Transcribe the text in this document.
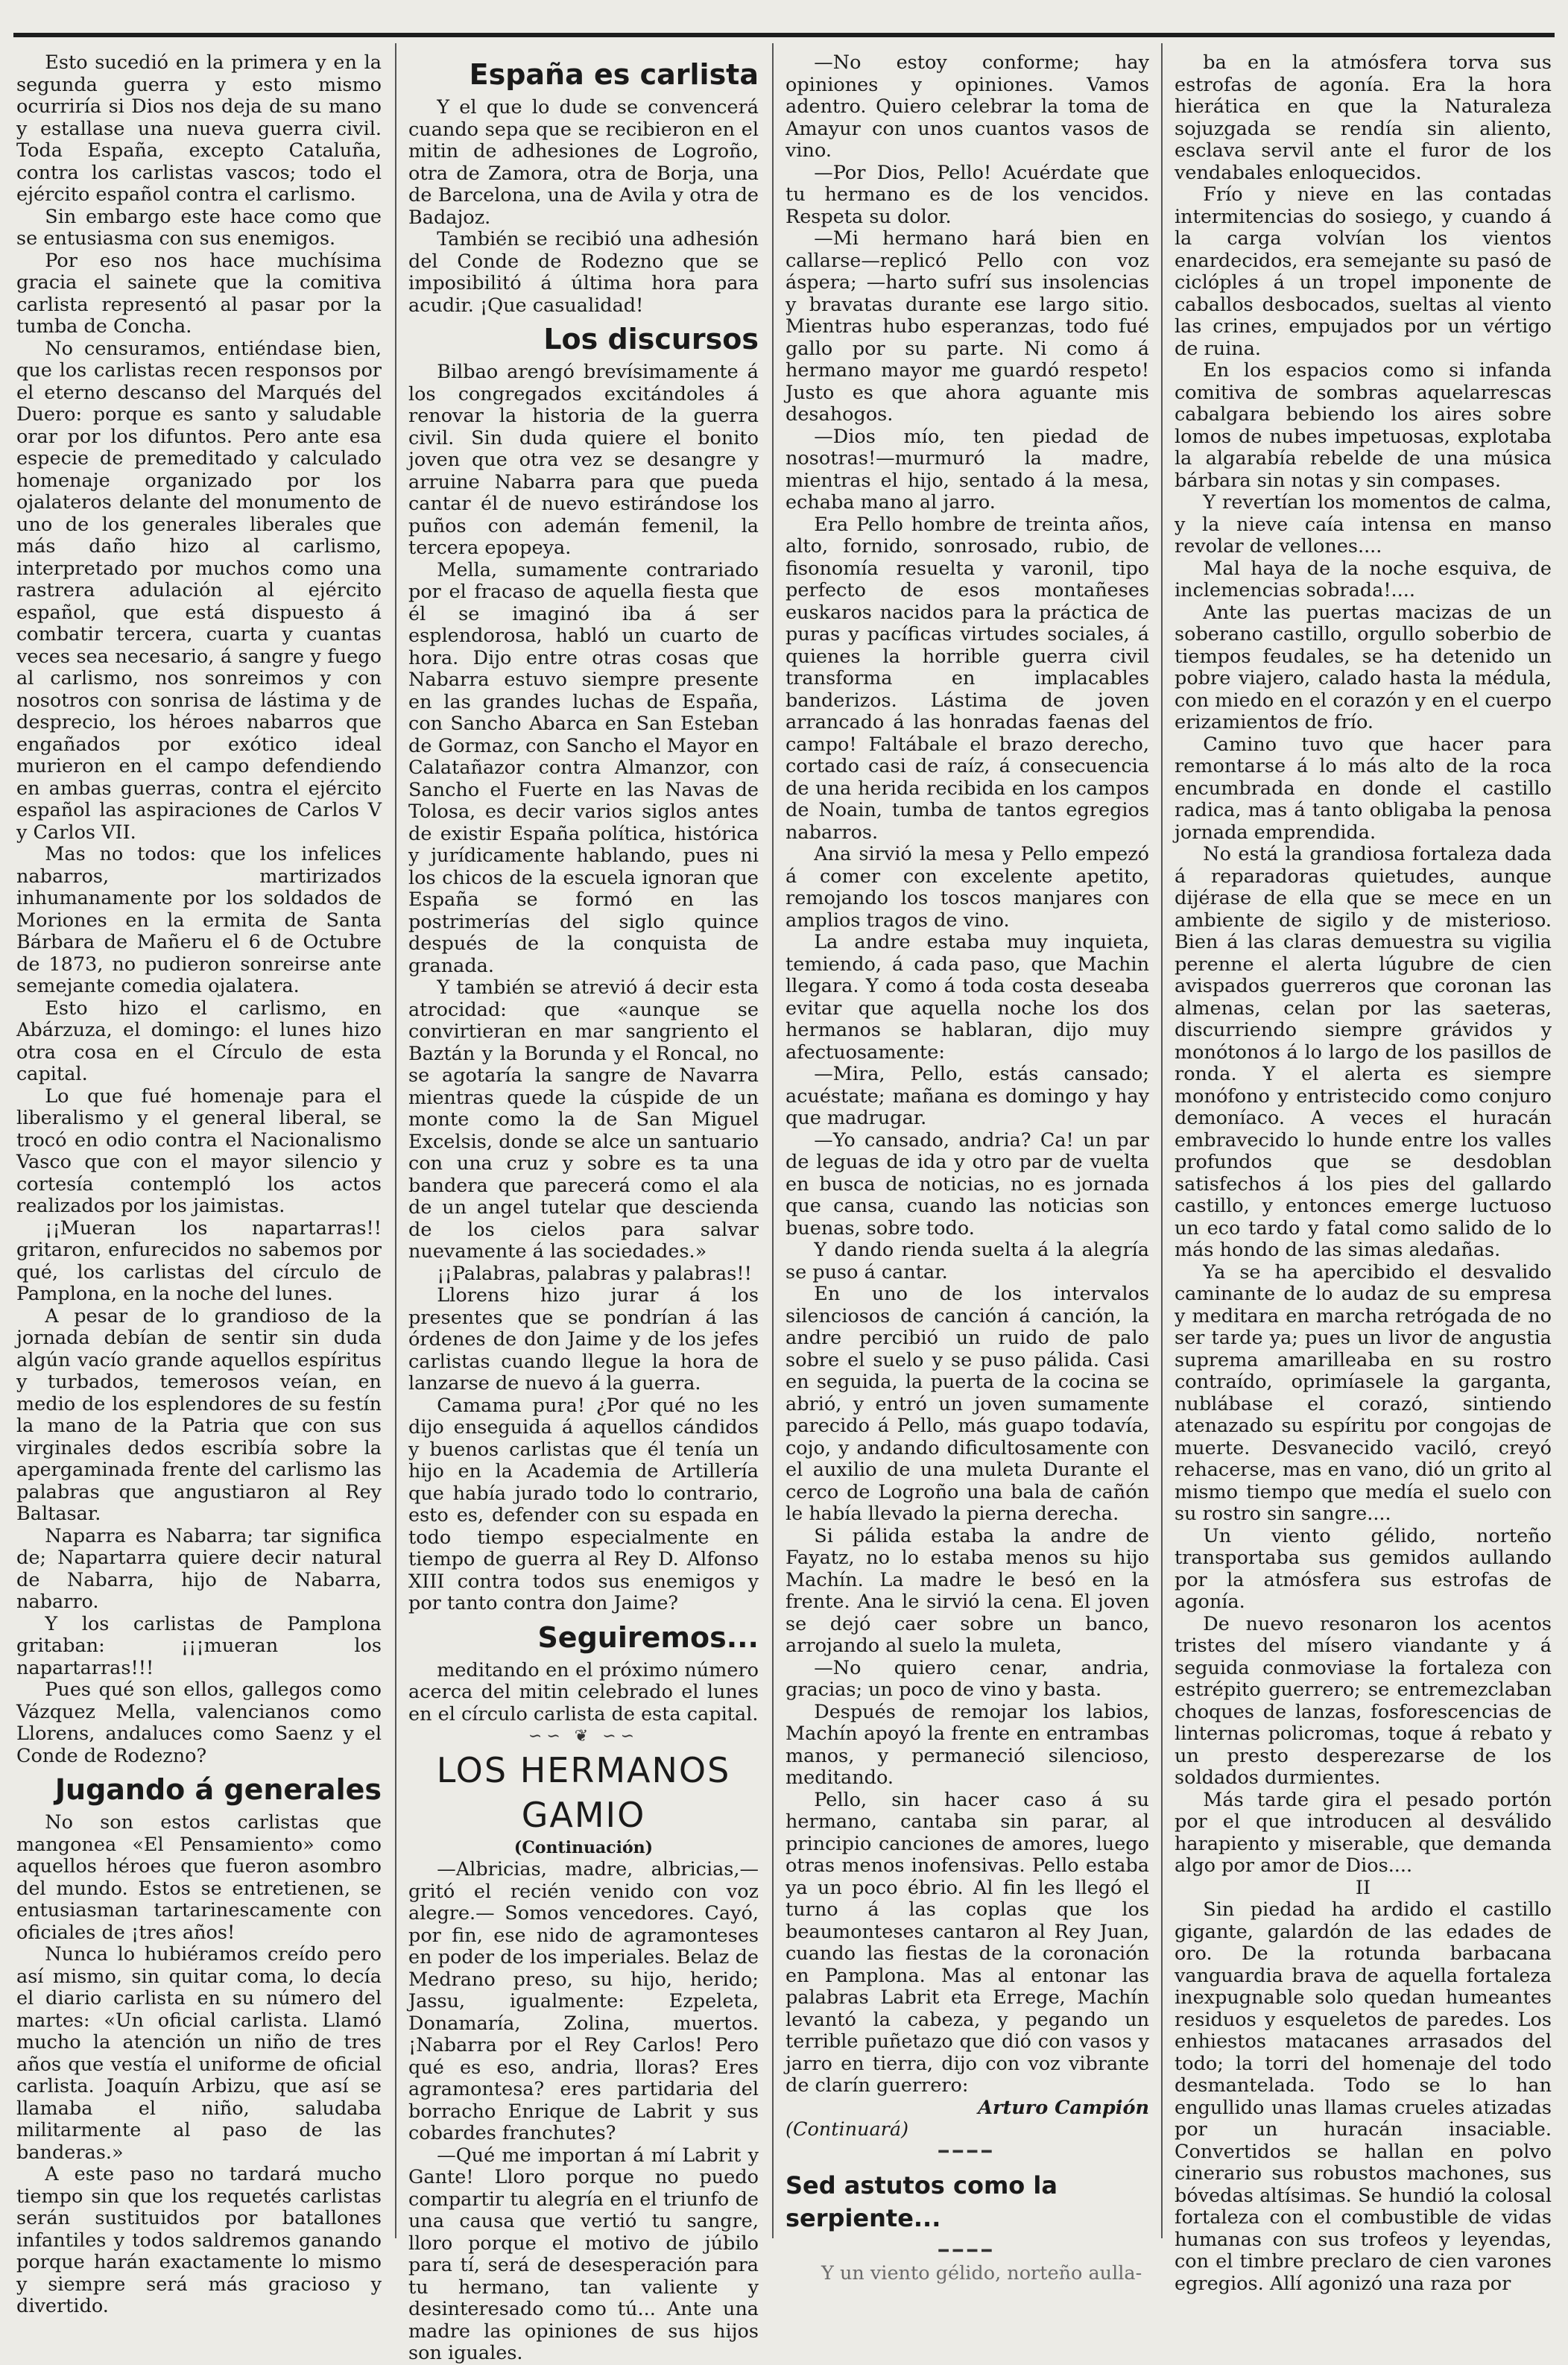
Esto sucedió en la primera y en la segunda guerra y esto mismo ocurriría si Dios nos deja de su mano y estallase una nueva guerra civil. Toda España, excepto Cataluña, contra los carlistas vascos; todo el ejército español contra el carlismo.

Sin embargo este hace como que se entusiasma con sus enemigos.

Por eso nos hace muchísima gracia el sainete que la comitiva carlista representó al pasar por la tumba de Concha.

No censuramos, entiéndase bien, que los carlistas recen responsos por el eterno descanso del Marqués del Duero: porque es santo y saludable orar por los difuntos. Pero ante esa especie de premeditado y calculado homenaje organizado por los ojalateros delante del monumento de uno de los generales liberales que más daño hizo al carlismo, interpretado por muchos como una rastrera adulación al ejército español, que está dispuesto á combatir tercera, cuarta y cuantas veces sea necesario, á sangre y fuego al carlismo, nos sonreimos y con nosotros con sonrisa de lástima y de desprecio, los héroes nabarros que engañados por exótico ideal murieron en el campo defendiendo en ambas guerras, contra el ejército español las aspiraciones de Carlos V y Carlos VII.

Mas no todos: que los infelices nabarros, martirizados inhumanamente por los soldados de Moriones en la ermita de Santa Bárbara de Mañeru el 6 de Octubre de 1873, no pudieron sonreirse ante semejante comedia ojalatera.

Esto hizo el carlismo, en Abárzuza, el domingo: el lunes hizo otra cosa en el Círculo de esta capital.

Lo que fué homenaje para el liberalismo y el general liberal, se trocó en odio contra el Nacionalismo Vasco que con el mayor silencio y cortesía contempló los actos realizados por los jaimistas.

¡¡Mueran los napartarras!! gritaron, enfurecidos no sabemos por qué, los carlistas del círculo de Pamplona, en la noche del lunes.

A pesar de lo grandioso de la jornada debían de sentir sin duda algún vacío grande aquellos espíritus y turbados, temerosos veían, en medio de los esplendores de su festín la mano de la Patria que con sus virginales dedos escribía sobre la apergaminada frente del carlismo las palabras que angustiaron al Rey Baltasar.

Naparra es Nabarra; tar significa de; Napartarra quiere decir natural de Nabarra, hijo de Nabarra, nabarro.

Y los carlistas de Pamplona gritaban: ¡¡¡mueran los napartarras!!!

Pues qué son ellos, gallegos como Vázquez Mella, valencianos como Llorens, andaluces como Saenz y el Conde de Rodezno?

Jugando á generales

No son estos carlistas que mangonea «El Pensamiento» como aquellos héroes que fueron asombro del mundo. Estos se entretienen, se entusiasman tartarinescamente con oficiales de ¡tres años!

Nunca lo hubiéramos creído pero así mismo, sin quitar coma, lo decía el diario carlista en su número del martes: «Un oficial carlista. Llamó mucho la atención un niño de tres años que vestía el uniforme de oficial carlista. Joaquín Arbizu, que así se llamaba el niño, saludaba militarmente al paso de las banderas.»

A este paso no tardará mucho tiempo sin que los requetés carlistas serán sustituidos por batallones infantiles y todos saldremos ganando porque harán exactamente lo mismo y siempre será más gracioso y divertido.

España es carlista

Y el que lo dude se convencerá cuando sepa que se recibieron en el mitin de adhesiones de Logroño, otra de Zamora, otra de Borja, una de Barcelona, una de Avila y otra de Badajoz.

También se recibió una adhesión del Conde de Rodezno que se imposibilitó á última hora para acudir. ¡Que casualidad!

Los discursos

Bilbao arengó brevísimamente á los congregados excitándoles á renovar la historia de la guerra civil. Sin duda quiere el bonito joven que otra vez se desangre y arruine Nabarra para que pueda cantar él de nuevo estirándose los puños con ademán femenil, la tercera epopeya.

Mella, sumamente contrariado por el fracaso de aquella fiesta que él se imaginó iba á ser esplendorosa, habló un cuarto de hora. Dijo entre otras cosas que Nabarra estuvo siempre presente en las grandes luchas de España, con Sancho Abarca en San Esteban de Gormaz, con Sancho el Mayor en Calatañazor contra Almanzor, con Sancho el Fuerte en las Navas de Tolosa, es decir varios siglos antes de existir España política, histórica y jurídicamente hablando, pues ni los chicos de la escuela ignoran que España se formó en las postrimerías del siglo quince después de la conquista de granada.

Y también se atrevió á decir esta atrocidad: que «aunque se convirtieran en mar sangriento el Baztán y la Borunda y el Roncal, no se agotaría la sangre de Navarra mientras quede la cúspide de un monte como la de San Miguel Excelsis, donde se alce un santuario con una cruz y sobre es ta una bandera que parecerá como el ala de un angel tutelar que descienda de los cielos para salvar nuevamente á las sociedades.»

¡¡Palabras, palabras y palabras!!

Llorens hizo jurar á los presentes que se pondrían á las órdenes de don Jaime y de los jefes carlistas cuando llegue la hora de lanzarse de nuevo á la guerra.

Camama pura! ¿Por qué no les dijo enseguida á aquellos cándidos y buenos carlistas que él tenía un hijo en la Academia de Artillería que había jurado todo lo contrario, esto es, defender con su espada en todo tiempo especialmente en tiempo de guerra al Rey D. Alfonso XIII contra todos sus enemigos y por tanto contra don Jaime?

Seguiremos...

meditando en el próximo número acerca del mitin celebrado el lunes en el círculo carlista de esta capital.

∽∽ ❦ ∽∽

LOS HERMANOS GAMIO

(Continuación)

—Albricias, madre, albricias,—gritó el recién venido con voz alegre.— Somos vencedores. Cayó, por fin, ese nido de agramonteses en poder de los imperiales. Belaz de Medrano preso, su hijo, herido; Jassu, igualmente: Ezpeleta, Donamaría, Zolina, muertos. ¡Nabarra por el Rey Carlos! Pero qué es eso, andria, lloras? Eres agramontesa? eres partidaria del borracho Enrique de Labrit y sus cobardes franchutes?

—Qué me importan á mí Labrit y Gante! Lloro porque no puedo compartir tu alegría en el triunfo de una causa que vertió tu sangre, lloro porque el motivo de júbilo para tí, será de desesperación para tu hermano, tan valiente y desinteresado como tú... Ante una madre las opiniones de sus hijos son iguales.

—No estoy conforme; hay opiniones y opiniones. Vamos adentro. Quiero celebrar la toma de Amayur con unos cuantos vasos de vino.

—Por Dios, Pello! Acuérdate que tu hermano es de los vencidos. Respeta su dolor.

—Mi hermano hará bien en callarse—replicó Pello con voz áspera; —harto sufrí sus insolencias y bravatas durante ese largo sitio. Mientras hubo esperanzas, todo fué gallo por su parte. Ni como á hermano mayor me guardó respeto! Justo es que ahora aguante mis desahogos.

—Dios mío, ten piedad de nosotras!—murmuró la madre, mientras el hijo, sentado á la mesa, echaba mano al jarro.

Era Pello hombre de treinta años, alto, fornido, sonrosado, rubio, de fisonomía resuelta y varonil, tipo perfecto de esos montañeses euskaros nacidos para la práctica de puras y pacíficas virtudes sociales, á quienes la horrible guerra civil transforma en implacables banderizos. Lástima de joven arrancado á las honradas faenas del campo! Faltábale el brazo derecho, cortado casi de raíz, á consecuencia de una herida recibida en los campos de Noain, tumba de tantos egregios nabarros.

Ana sirvió la mesa y Pello empezó á comer con excelente apetito, remojando los toscos manjares con amplios tragos de vino.

La andre estaba muy inquieta, temiendo, á cada paso, que Machin llegara. Y como á toda costa deseaba evitar que aquella noche los dos hermanos se hablaran, dijo muy afectuosamente:

—Mira, Pello, estás cansado; acuéstate; mañana es domingo y hay que madrugar.

—Yo cansado, andria? Ca! un par de leguas de ida y otro par de vuelta en busca de noticias, no es jornada que cansa, cuando las noticias son buenas, sobre todo.

Y dando rienda suelta á la alegría se puso á cantar.

En uno de los intervalos silenciosos de canción á canción, la andre percibió un ruido de palo sobre el suelo y se puso pálida. Casi en seguida, la puerta de la cocina se abrió, y entró un joven sumamente parecido á Pello, más guapo todavía, cojo, y andando dificultosamente con el auxilio de una muleta Durante el cerco de Logroño una bala de cañón le había llevado la pierna derecha.

Si pálida estaba la andre de Fayatz, no lo estaba menos su hijo Machín. La madre le besó en la frente. Ana le sirvió la cena. El joven se dejó caer sobre un banco, arrojando al suelo la muleta,

—No quiero cenar, andria, gracias; un poco de vino y basta.

Después de remojar los labios, Machín apoyó la frente en entrambas manos, y permaneció silencioso, meditando.

Pello, sin hacer caso á su hermano, cantaba sin parar, al principio canciones de amores, luego otras menos inofensivas. Pello estaba ya un poco ébrio. Al fin les llegó el turno á las coplas que los beaumonteses cantaron al Rey Juan, cuando las fiestas de la coronación en Pamplona. Mas al entonar las palabras Labrit eta Errege, Machín levantó la cabeza, y pegando un terrible puñetazo que dió con vasos y jarro en tierra, dijo con voz vibrante de clarín guerrero:

Arturo Campión

(Continuará)

━━━━

Sed astutos como la serpiente...

━━━━

Y un viento gélido, norteño aulla-

ba en la atmósfera torva sus estrofas de agonía. Era la hora hierática en que la Naturaleza sojuzgada se rendía sin aliento, esclava servil ante el furor de los vendabales enloquecidos.

Frío y nieve en las contadas intermitencias do sosiego, y cuando á la carga volvían los vientos enardecidos, era semejante su pasó de ciclóples á un tropel imponente de caballos desbocados, sueltas al viento las crines, empujados por un vértigo de ruina.

En los espacios como si infanda comitiva de sombras aquelarrescas cabalgara bebiendo los aires sobre lomos de nubes impetuosas, explotaba la algarabía rebelde de una música bárbara sin notas y sin compases.

Y revertían los momentos de calma, y la nieve caía intensa en manso revolar de vellones....

Mal haya de la noche esquiva, de inclemencias sobrada!....

Ante las puertas macizas de un soberano castillo, orgullo soberbio de tiempos feudales, se ha detenido un pobre viajero, calado hasta la médula, con miedo en el corazón y en el cuerpo erizamientos de frío.

Camino tuvo que hacer para remontarse á lo más alto de la roca encumbrada en donde el castillo radica, mas á tanto obligaba la penosa jornada emprendida.

No está la grandiosa fortaleza dada á reparadoras quietudes, aunque dijérase de ella que se mece en un ambiente de sigilo y de misterioso. Bien á las claras demuestra su vigilia perenne el alerta lúgubre de cien avispados guerreros que coronan las almenas, celan por las saeteras, discurriendo siempre grávidos y monótonos á lo largo de los pasillos de ronda. Y el alerta es siempre monófono y entristecido como conjuro demoníaco. A veces el huracán embravecido lo hunde entre los valles profundos que se desdoblan satisfechos á los pies del gallardo castillo, y entonces emerge luctuoso un eco tardo y fatal como salido de lo más hondo de las simas aledañas.

Ya se ha apercibido el desvalido caminante de lo audaz de su empresa y meditara en marcha retrógada de no ser tarde ya; pues un livor de angustia suprema amarilleaba en su rostro contraído, oprimíasele la garganta, nublábase el corazó, sintiendo atenazado su espíritu por congojas de muerte. Desvanecido vaciló, creyó rehacerse, mas en vano, dió un grito al mismo tiempo que medía el suelo con su rostro sin sangre....

Un viento gélido, norteño transportaba sus gemidos aullando por la atmósfera sus estrofas de agonía.

De nuevo resonaron los acentos tristes del mísero viandante y á seguida conmoviase la fortaleza con estrépito guerrero; se entremezclaban choques de lanzas, fosforescencias de linternas policromas, toque á rebato y un presto desperezarse de los soldados durmientes.

Más tarde gira el pesado portón por el que introducen al desválido harapiento y miserable, que demanda algo por amor de Dios....

II

Sin piedad ha ardido el castillo gigante, galardón de las edades de oro. De la rotunda barbacana vanguardia brava de aquella fortaleza inexpugnable solo quedan humeantes residuos y esqueletos de paredes. Los enhiestos matacanes arrasados del todo; la torri del homenaje del todo desmantelada. Todo se lo han engullido unas llamas crueles atizadas por un huracán insaciable. Convertidos se hallan en polvo cinerario sus robustos machones, sus bóvedas altísimas. Se hundió la colosal fortaleza con el combustible de vidas humanas con sus trofeos y leyendas, con el timbre preclaro de cien varones egregios. Allí agonizó una raza por
